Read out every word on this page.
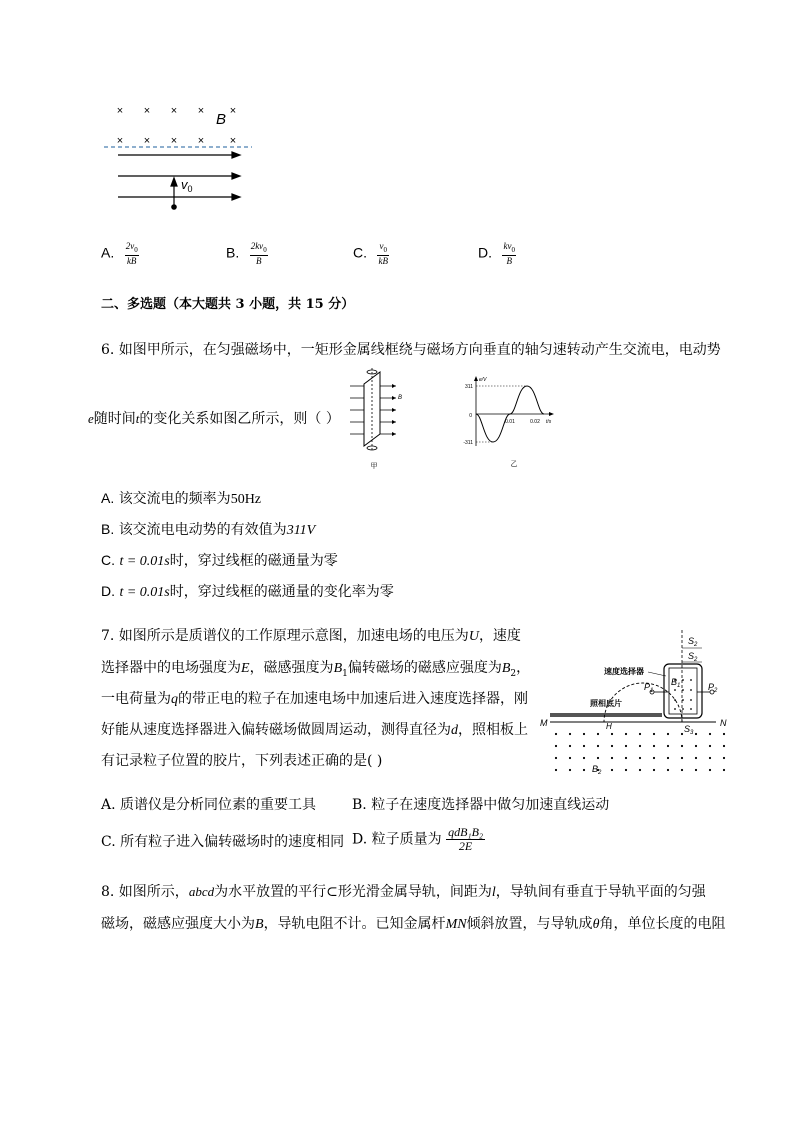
× × × × ×
× × × × ×
B
$v_0$
A. $\frac{2v_0}{kB}$	B. $\frac{2kv_0}{B}$	C. $\frac{v_0}{kB}$	D. $\frac{kv_0}{B}$
二、多选题（本大题共 3 小题，共 15 分）
6. 如图甲所示，在匀强磁场中，一矩形金属线框绕与磁场方向垂直的轴匀速转动产生交流电，电动势
e随时间t的变化关系如图乙所示，则（ ）
B
甲
e/V
t/s
311
-311
0
0.01	0.02
乙
A. 该交流电的频率为50Hz
B. 该交流电电动势的有效值为311V
C. t = 0.01s时，穿过线框的磁通量为零
D. t = 0.01s时，穿过线框的磁通量的变化率为零
7. 如图所示是质谱仪的工作原理示意图，加速电场的电压为U，速度
选择器中的电场强度为E，磁感强度为$B_1$偏转磁场的磁感应强度为$B_2$，
一电荷量为q的带正电的粒子在加速电场中加速后进入速度选择器，刚
好能从速度选择器进入偏转磁场做圆周运动，测得直径为d，照相板上
有记录粒子位置的胶片，下列表述正确的是( )
$S_2$
$S_2$
速度选择器
$P_1$	$P_2$
$B_1$
照相底片
M	N
$S_3$
H
$B_2$
A. 质谱仪是分析同位素的重要工具	B. 粒子在速度选择器中做匀加速直线运动
C. 所有粒子进入偏转磁场时的速度相同 D. 粒子质量为 qdB₁B₂
2E
8. 如图所示，abcd为水平放置的平行⊂形光滑金属导轨，间距为l，导轨间有垂直于导轨平面的匀强
磁场，磁感应强度大小为B，导轨电阻不计。已知金属杆MN倾斜放置，与导轨成θ角，单位长度的电阻
